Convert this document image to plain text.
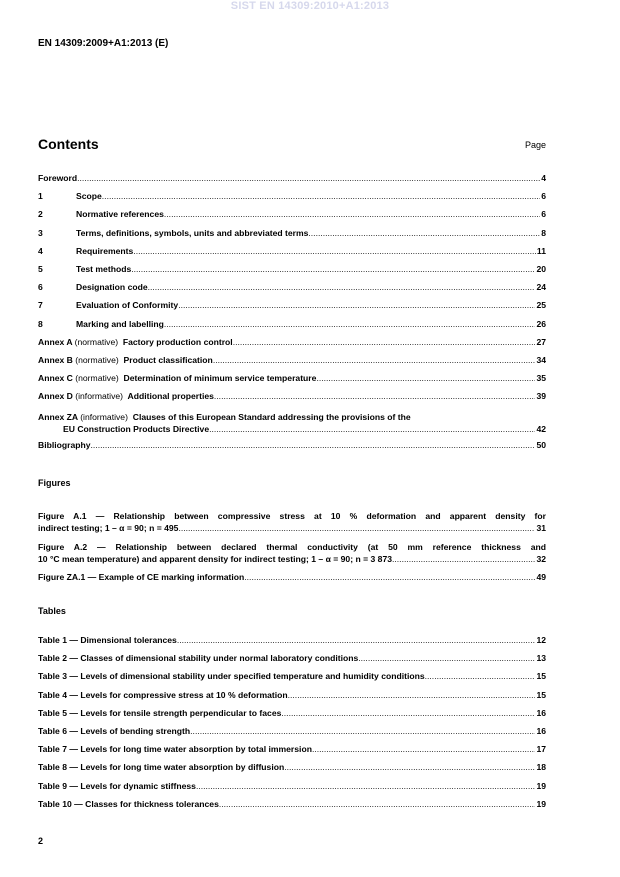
SIST EN 14309:2010+A1:2013
EN 14309:2009+A1:2013 (E)
Contents	Page
Foreword .....	4
1	Scope .....	6
2	Normative references .....	6
3	Terms, definitions, symbols, units and abbreviated terms .....	8
4	Requirements .....	11
5	Test methods .....	20
6	Designation code .....	24
7	Evaluation of Conformity .....	25
8	Marking and labelling .....	26
Annex A (normative) Factory production control .....	27
Annex B (normative) Product classification .....	34
Annex C (normative) Determination of minimum service temperature .....	35
Annex D (informative) Additional properties .....	39
Annex ZA (informative) Clauses of this European Standard addressing the provisions of the
EU Construction Products Directive .....	42
Bibliography .....	50
Figures
Figure A.1 — Relationship between compressive stress at 10 % deformation and apparent density for
indirect testing; 1 – α = 90; n = 495 .....	31
Figure A.2 — Relationship between declared thermal conductivity (at 50 mm reference thickness and
10 °C mean temperature) and apparent density for indirect testing; 1 – α = 90; n = 3 873 .....	32
Figure ZA.1 — Example of CE marking information .....	49
Tables
Table 1 — Dimensional tolerances .....	12
Table 2 — Classes of dimensional stability under normal laboratory conditions .....	13
Table 3 — Levels of dimensional stability under specified temperature and humidity conditions .....	15
Table 4 — Levels for compressive stress at 10 % deformation .....	15
Table 5 — Levels for tensile strength perpendicular to faces .....	16
Table 6 — Levels of bending strength .....	16
Table 7 — Levels for long time water absorption by total immersion .....	17
Table 8 — Levels for long time water absorption by diffusion .....	18
Table 9 — Levels for dynamic stiffness .....	19
Table 10 — Classes for thickness tolerances .....	19
2
